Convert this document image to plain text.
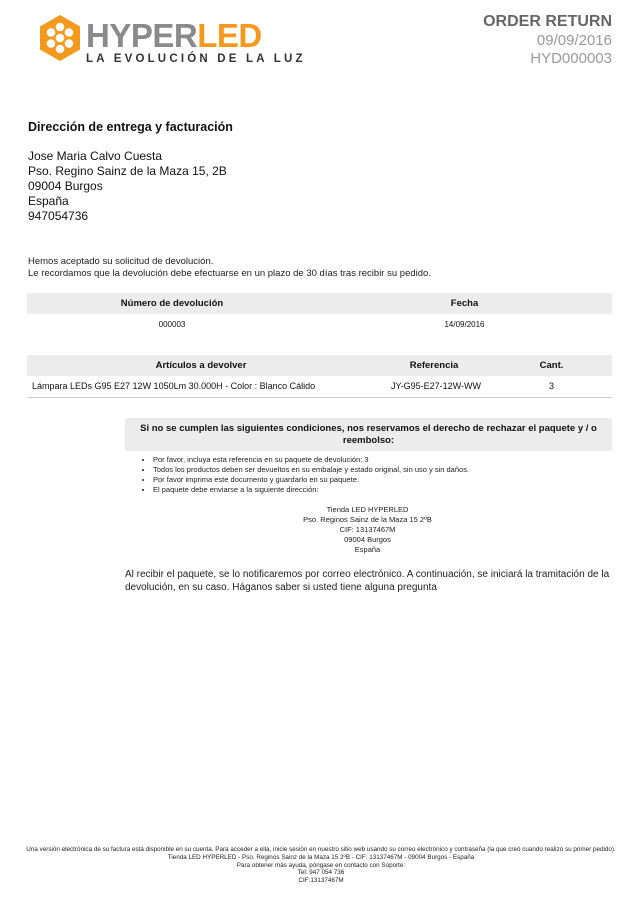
HYPERLED
LA EVOLUCIÓN DE LA LUZ
ORDER RETURN
09/09/2016
HYD000003
Dirección de entrega y facturación
Jose Maria Calvo Cuesta
Pso. Regino Sainz de la Maza 15, 2B
09004 Burgos
España
947054736
Hemos aceptado su solicitud de devolución.
Le recordamos que la devolución debe efectuarse en un plazo de 30 días tras recibir su pedido.
Número de devolución	Fecha
000003	14/09/2016
Artículos a devolver	Referencia	Cant.
Lámpara LEDs G95 E27 12W 1050Lm 30.000H - Color : Blanco Cálido	JY-G95-E27-12W-WW	3
Si no se cumplen las siguientes condiciones, nos reservamos el derecho de rechazar el paquete y / o reembolso:
• Por favor, incluya esta referencia en su paquete de devolución: 3
• Todos los productos deben ser devueltos en su embalaje y estado original, sin uso y sin daños.
• Por favor imprima este documento y guardarlo en su paquete.
• El paquete debe enviarse a la siguiente dirección:
Tienda LED HYPERLED
Pso. Reginos Sainz de la Maza 15 2ºB
CIF: 13137467M
09004 Burgos
España
Al recibir el paquete, se lo notificaremos por correo electrónico. A continuación, se iniciará la tramitación de la devolución, en su caso. Háganos saber si usted tiene alguna pregunta
Una versión electrónica de su factura está disponible en su cuenta. Para acceder a ella, inicie sesión en nuestro sitio web usando su correo electrónico y contraseña (la que creó cuando realizó su primer pedido).
Tienda LED HYPERLED - Pso. Reginos Sainz de la Maza 15 2ºB - CIF: 13137467M - 09004 Burgos - España
Para obtener más ayuda, póngase en contacto con Soporte:
Tel: 947 054 736
CIF:13137467M
